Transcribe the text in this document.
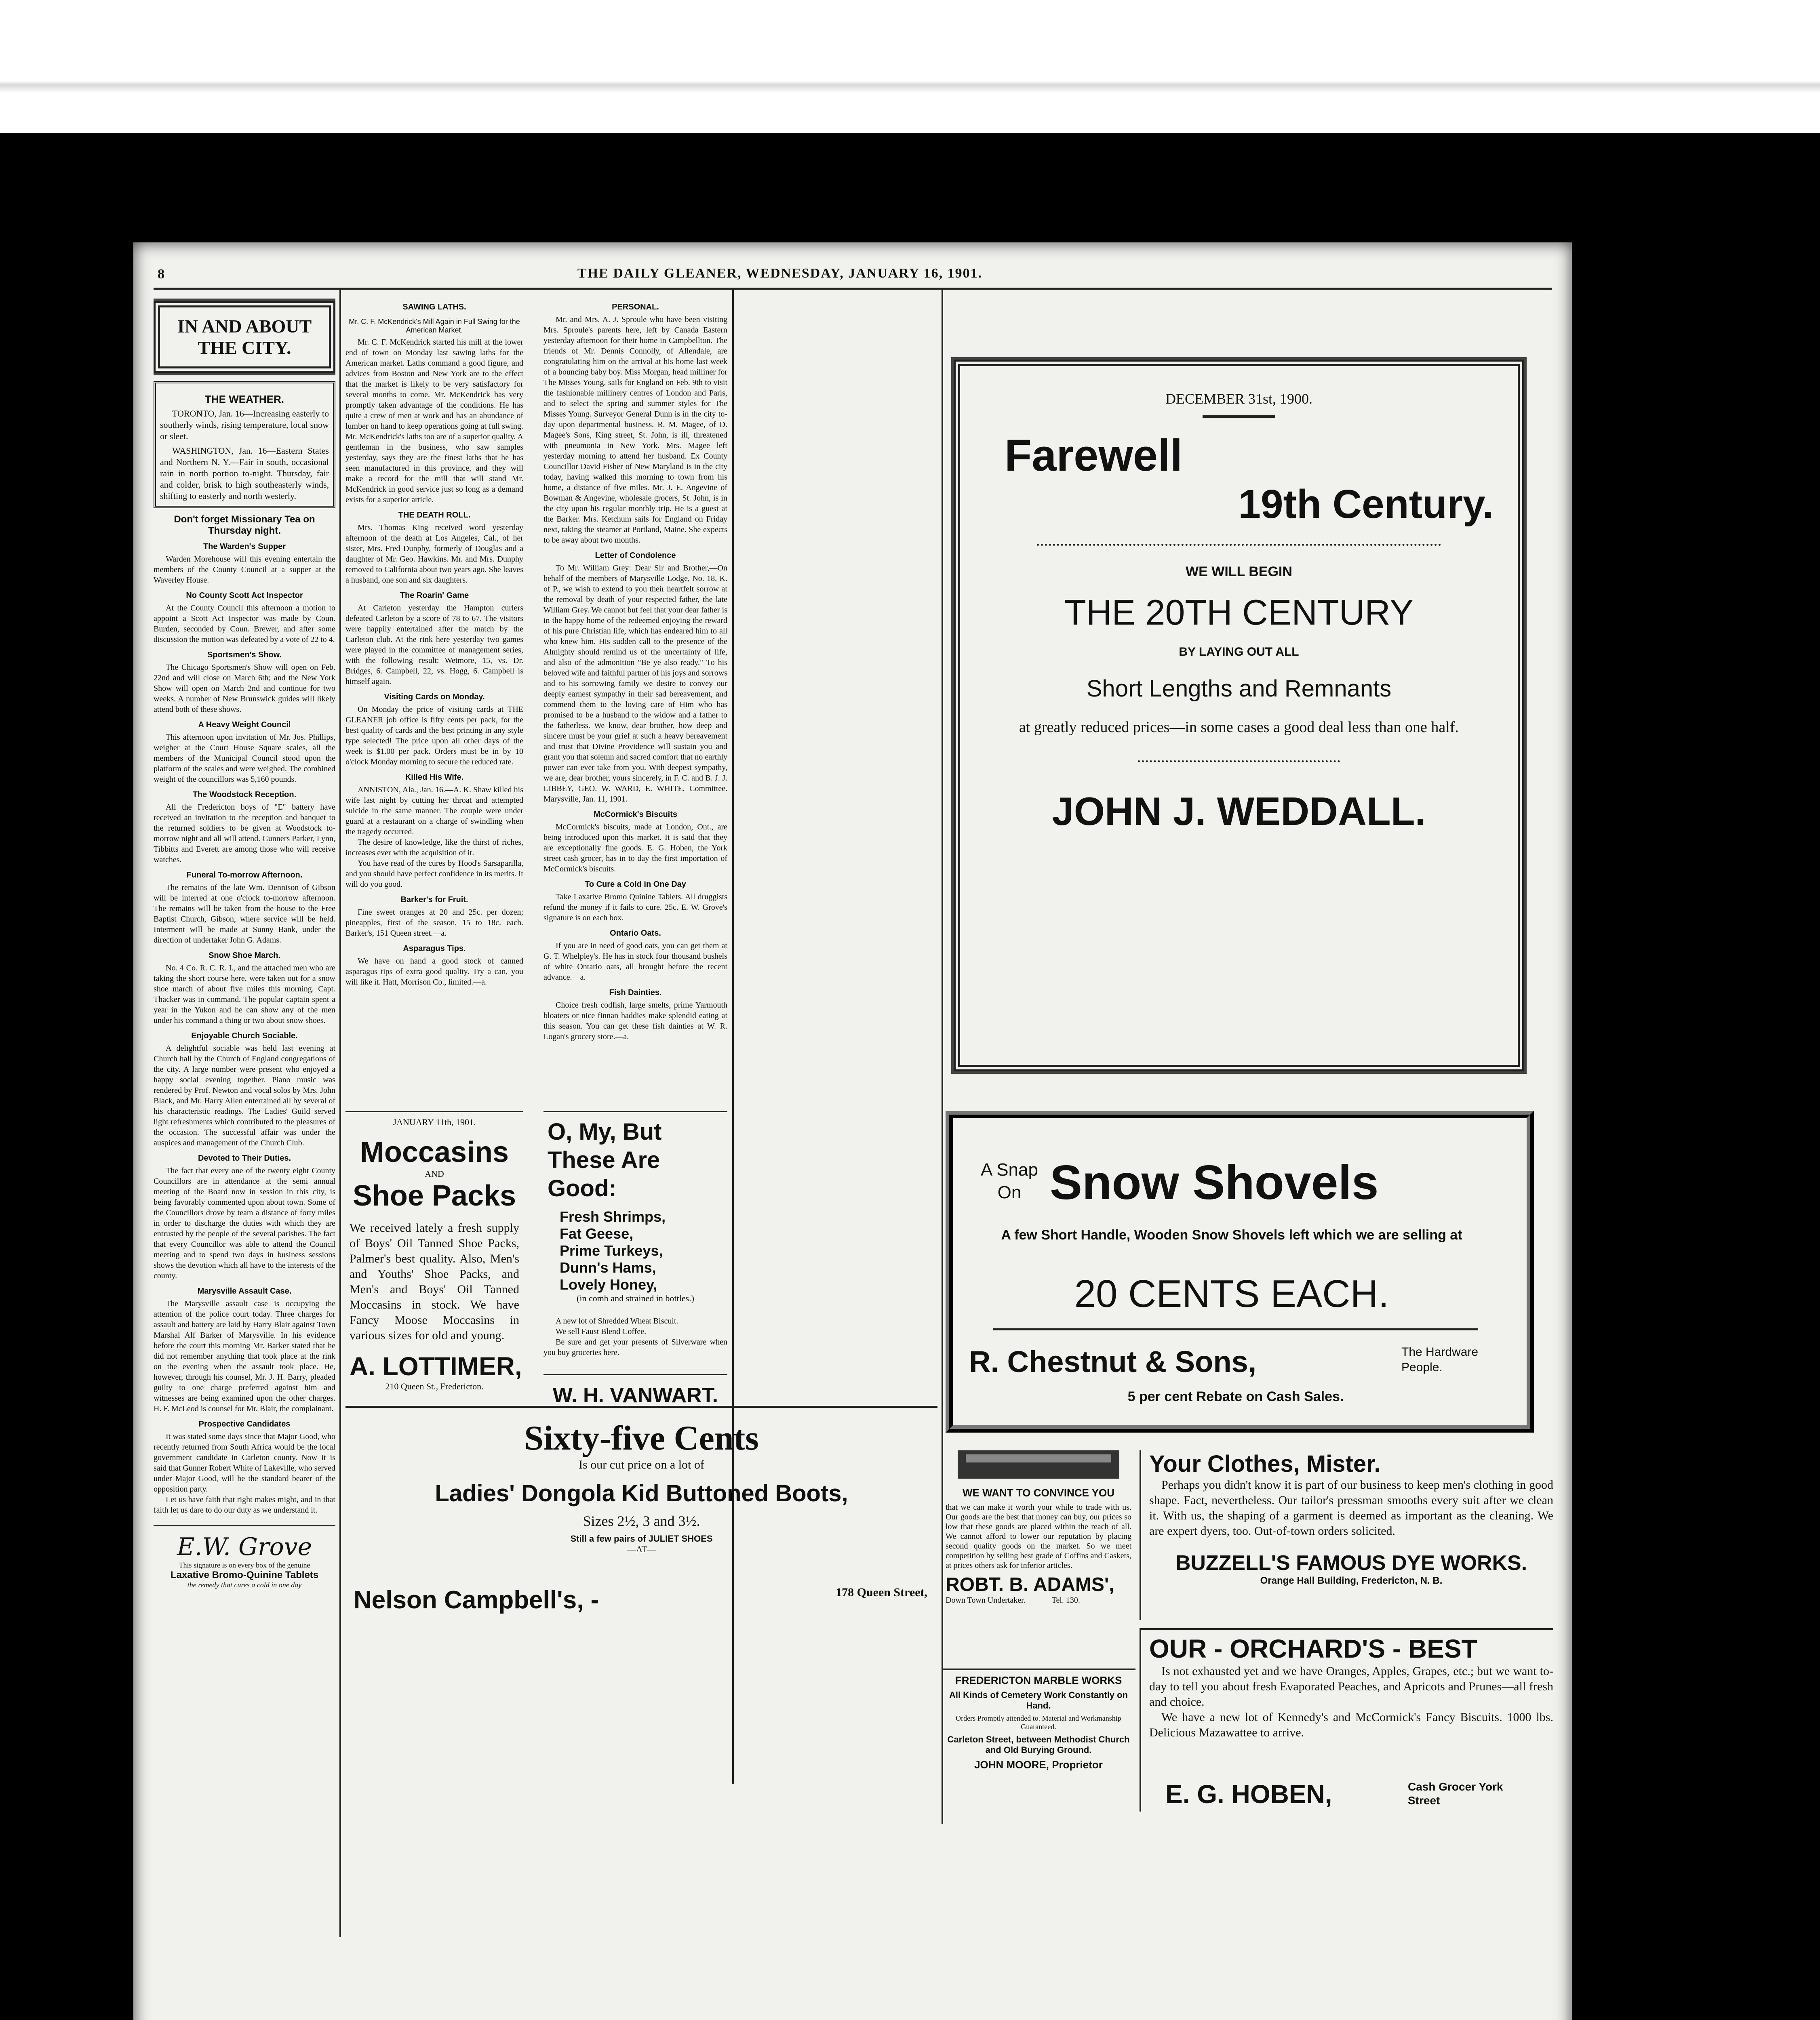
8	THE DAILY GLEANER, WEDNESDAY, JANUARY 16, 1901.
IN AND ABOUT THE CITY.
THE WEATHER.

TORONTO, Jan. 16—Increasing easterly to southerly winds, rising temperature, local snow or sleet.

WASHINGTON, Jan. 16—Eastern States and Northern N. Y.—Fair in south, occasional rain in north portion to-night. Thursday, fair and colder, brisk to high southeasterly winds, shifting to easterly and north westerly.

Don't forget Missionary Tea on Thursday night.
The Warden's Supper

Warden Morehouse will this evening entertain the members of the County Council at a supper at the Waverley House.

No County Scott Act Inspector

At the County Council this afternoon a motion to appoint a Scott Act Inspector was made by Coun. Burden, seconded by Coun. Brewer, and after some discussion the motion was defeated by a vote of 22 to 4.

Sportsmen's Show.

The Chicago Sportsmen's Show will open on Feb. 22nd and will close on March 6th; and the New York Show will open on March 2nd and continue for two weeks. A number of New Brunswick guides will likely attend both of these shows.

A Heavy Weight Council

This afternoon upon invitation of Mr. Jos. Phillips, weigher at the Court House Square scales, all the members of the Municipal Council stood upon the platform of the scales and were weighed. The combined weight of the councillors was 5,160 pounds.

The Woodstock Reception.

All the Fredericton boys of "E" battery have received an invitation to the reception and banquet to the returned soldiers to be given at Woodstock to-morrow night and all will attend. Gunners Parker, Lynn, Tibbitts and Everett are among those who will receive watches.

Funeral To-morrow Afternoon.

The remains of the late Wm. Dennison of Gibson will be interred at one o'clock to-morrow afternoon. The remains will be taken from the house to the Free Baptist Church, Gibson, where service will be held. Interment will be made at Sunny Bank, under the direction of undertaker John G. Adams.

Snow Shoe March.

No. 4 Co. R. C. R. I., and the attached men who are taking the short course here, were taken out for a snow shoe march of about five miles this morning. Capt. Thacker was in command. The popular captain spent a year in the Yukon and he can show any of the men under his command a thing or two about snow shoes.

Enjoyable Church Sociable.

A delightful sociable was held last evening at Church hall by the Church of England congregations of the city. A large number were present who enjoyed a happy social evening together. Piano music was rendered by Prof. Newton and vocal solos by Mrs. John Black, and Mr. Harry Allen entertained all by several of his characteristic readings. The Ladies' Guild served light refreshments which contributed to the pleasures of the occasion. The successful affair was under the auspices and management of the Church Club.

Devoted to Their Duties.

The fact that every one of the twenty eight County Councillors are in attendance at the semi annual meeting of the Board now in session in this city, is being favorably commented upon about town. Some of the Councillors drove by team a distance of forty miles in order to discharge the duties with which they are entrusted by the people of the several parishes. The fact that every Councillor was able to attend the Council meeting and to spend two days in business sessions shows the devotion which all have to the interests of the county.

Marysville Assault Case.

The Marysville assault case is occupying the attention of the police court today. Three charges for assault and battery are laid by Harry Blair against Town Marshal Alf Barker of Marysville. In his evidence before the court this morning Mr. Barker stated that he did not remember anything that took place at the rink on the evening when the assault took place. He, however, through his counsel, Mr. J. H. Barry, pleaded guilty to one charge preferred against him and witnesses are being examined upon the other charges. H. F. McLeod is counsel for Mr. Blair, the complainant.

Prospective Candidates

It was stated some days since that Major Good, who recently returned from South Africa would be the local government candidate in Carleton county. Now it is said that Gunner Robert White of Lakeville, who served under Major Good, will be the standard bearer of the opposition party.

Let us have faith that right makes might, and in that faith let us dare to do our duty as we understand it.

E.W. Grove
This signature is on every box of the genuine
Laxative Bromo-Quinine Tablets
the remedy that cures a cold in one day
SAWING LATHS.
Mr. C. F. McKendrick's Mill Again in Full Swing for the American Market.

Mr. C. F. McKendrick started his mill at the lower end of town on Monday last sawing laths for the American market. Laths command a good figure, and advices from Boston and New York are to the effect that the market is likely to be very satisfactory for several months to come. Mr. McKendrick has very promptly taken advantage of the conditions. He has quite a crew of men at work and has an abundance of lumber on hand to keep operations going at full swing. Mr. McKendrick's laths too are of a superior quality. A gentleman in the business, who saw samples yesterday, says they are the finest laths that he has seen manufactured in this province, and they will make a record for the mill that will stand Mr. McKendrick in good service just so long as a demand exists for a superior article.

THE DEATH ROLL.

Mrs. Thomas King received word yesterday afternoon of the death at Los Angeles, Cal., of her sister, Mrs. Fred Dunphy, formerly of Douglas and a daughter of Mr. Geo. Hawkins. Mr. and Mrs. Dunphy removed to California about two years ago. She leaves a husband, one son and six daughters.

The Roarin' Game

At Carleton yesterday the Hampton curlers defeated Carleton by a score of 78 to 67. The visitors were happily entertained after the match by the Carleton club. At the rink here yesterday two games were played in the committee of management series, with the following result: Wetmore, 15, vs. Dr. Bridges, 6. Campbell, 22, vs. Hogg, 6. Campbell is himself again.

Visiting Cards on Monday.

On Monday the price of visiting cards at THE GLEANER job office is fifty cents per pack, for the best quality of cards and the best printing in any style type selected! The price upon all other days of the week is $1.00 per pack. Orders must be in by 10 o'clock Monday morning to secure the reduced rate.

Killed His Wife.

ANNISTON, Ala., Jan. 16.—A. K. Shaw killed his wife last night by cutting her throat and attempted suicide in the same manner. The couple were under guard at a restaurant on a charge of swindling when the tragedy occurred.

The desire of knowledge, like the thirst of riches, increases ever with the acquisition of it.

You have read of the cures by Hood's Sarsaparilla, and you should have perfect confidence in its merits. It will do you good.

Barker's for Fruit.

Fine sweet oranges at 20 and 25c. per dozen; pineapples, first of the season, 15 to 18c. each. Barker's, 151 Queen street.—a.

Asparagus Tips.

We have on hand a good stock of canned asparagus tips of extra good quality. Try a can, you will like it. Hatt, Morrison Co., limited.—a.

PERSONAL.

Mr. and Mrs. A. J. Sproule who have been visiting Mrs. Sproule's parents here, left by Canada Eastern yesterday afternoon for their home in Campbellton. The friends of Mr. Dennis Connolly, of Allendale, are congratulating him on the arrival at his home last week of a bouncing baby boy. Miss Morgan, head milliner for The Misses Young, sails for England on Feb. 9th to visit the fashionable millinery centres of London and Paris, and to select the spring and summer styles for The Misses Young. Surveyor General Dunn is in the city to-day upon departmental business. R. M. Magee, of D. Magee's Sons, King street, St. John, is ill, threatened with pneumonia in New York. Mrs. Magee left yesterday morning to attend her husband. Ex County Councillor David Fisher of New Maryland is in the city today, having walked this morning to town from his home, a distance of five miles. Mr. J. E. Angevine of Bowman & Angevine, wholesale grocers, St. John, is in the city upon his regular monthly trip. He is a guest at the Barker. Mrs. Ketchum sails for England on Friday next, taking the steamer at Portland, Maine. She expects to be away about two months.

Letter of Condolence

To Mr. William Grey: Dear Sir and Brother,—On behalf of the members of Marysville Lodge, No. 18, K. of P., we wish to extend to you their heartfelt sorrow at the removal by death of your respected father, the late William Grey. We cannot but feel that your dear father is in the happy home of the redeemed enjoying the reward of his pure Christian life, which has endeared him to all who knew him. His sudden call to the presence of the Almighty should remind us of the uncertainty of life, and also of the admonition "Be ye also ready." To his beloved wife and faithful partner of his joys and sorrows and to his sorrowing family we desire to convey our deeply earnest sympathy in their sad bereavement, and commend them to the loving care of Him who has promised to be a husband to the widow and a father to the fatherless. We know, dear brother, how deep and sincere must be your grief at such a heavy bereavement and trust that Divine Providence will sustain you and grant you that solemn and sacred comfort that no earthly power can ever take from you. With deepest sympathy, we are, dear brother, yours sincerely, in F. C. and B. J. J. LIBBEY, GEO. W. WARD, E. WHITE, Committee. Marysville, Jan. 11, 1901.

McCormick's Biscuits

McCormick's biscuits, made at London, Ont., are being introduced upon this market. It is said that they are exceptionally fine goods. E. G. Hoben, the York street cash grocer, has in to day the first importation of McCormick's biscuits.

To Cure a Cold in One Day

Take Laxative Bromo Quinine Tablets. All druggists refund the money if it fails to cure. 25c. E. W. Grove's signature is on each box.

Ontario Oats.

If you are in need of good oats, you can get them at G. T. Whelpley's. He has in stock four thousand bushels of white Ontario oats, all brought before the recent advance.—a.

Fish Dainties.

Choice fresh codfish, large smelts, prime Yarmouth bloaters or nice finnan haddies make splendid eating at this season. You can get these fish dainties at W. R. Logan's grocery store.—a.

JANUARY 11th, 1901.
Moccasins
AND
Shoe Packs

We received lately a fresh supply of Boys' Oil Tanned Shoe Packs, Palmer's best quality. Also, Men's and Youths' Shoe Packs, and Men's and Boys' Oil Tanned Moccasins in stock. We have Fancy Moose Moccasins in various sizes for old and young.

A. LOTTIMER,
210 Queen St., Fredericton.
O, My, But These Are Good:
Fresh Shrimps,
Fat Geese,
Prime Turkeys,
Dunn's Hams,
Lovely Honey,
(in comb and strained in bottles.)

A new lot of Shredded Wheat Biscuit.

We sell Faust Blend Coffee.

Be sure and get your presents of Silverware when you buy groceries here.

W. H. VANWART.
Sixty-five Cents
Is our cut price on a lot of
Ladies' Dongola Kid Buttoned Boots,
Sizes 2½, 3 and 3½.
Still a few pairs of JULIET SHOES
—AT—
Nelson Campbell's, -	178 Queen Street,
DECEMBER 31st, 1900.
Farewell
19th Century.
WE WILL BEGIN
THE 20TH CENTURY
BY LAYING OUT ALL
Short Lengths and Remnants
at greatly reduced prices—in some cases a good deal less than one half.
JOHN J. WEDDALL.
A Snap On Snow Shovels
A few Short Handle, Wooden Snow Shovels left which we are selling at
20 CENTS EACH.
R. Chestnut & Sons,	The Hardware People.
5 per cent Rebate on Cash Sales.
WE WANT TO CONVINCE YOU

that we can make it worth your while to trade with us. Our goods are the best that money can buy, our prices so low that these goods are placed within the reach of all. We cannot afford to lower our reputation by placing second quality goods on the market. So we meet competition by selling best grade of Coffins and Caskets, at prices others ask for inferior articles.

ROBT. B. ADAMS',
Down Town Undertaker.	Tel. 130.
FREDERICTON MARBLE WORKS
All Kinds of Cemetery Work Constantly on Hand.
Orders Promptly attended to. Material and Workmanship Guaranteed.
Carleton Street, between Methodist Church and Old Burying Ground.
JOHN MOORE, Proprietor
Your Clothes, Mister.

Perhaps you didn't know it is part of our business to keep men's clothing in good shape. Fact, nevertheless. Our tailor's pressman smooths every suit after we clean it. With us, the shaping of a garment is deemed as important as the cleaning. We are expert dyers, too. Out-of-town orders solicited.

BUZZELL'S FAMOUS DYE WORKS.
Orange Hall Building, Fredericton, N. B.
OUR - ORCHARD'S - BEST

Is not exhausted yet and we have Oranges, Apples, Grapes, etc.; but we want to-day to tell you about fresh Evaporated Peaches, and Apricots and Prunes—all fresh and choice.

We have a new lot of Kennedy's and McCormick's Fancy Biscuits. 1000 lbs. Delicious Mazawattee to arrive.

E. G. HOBEN,	Cash Grocer York Street
